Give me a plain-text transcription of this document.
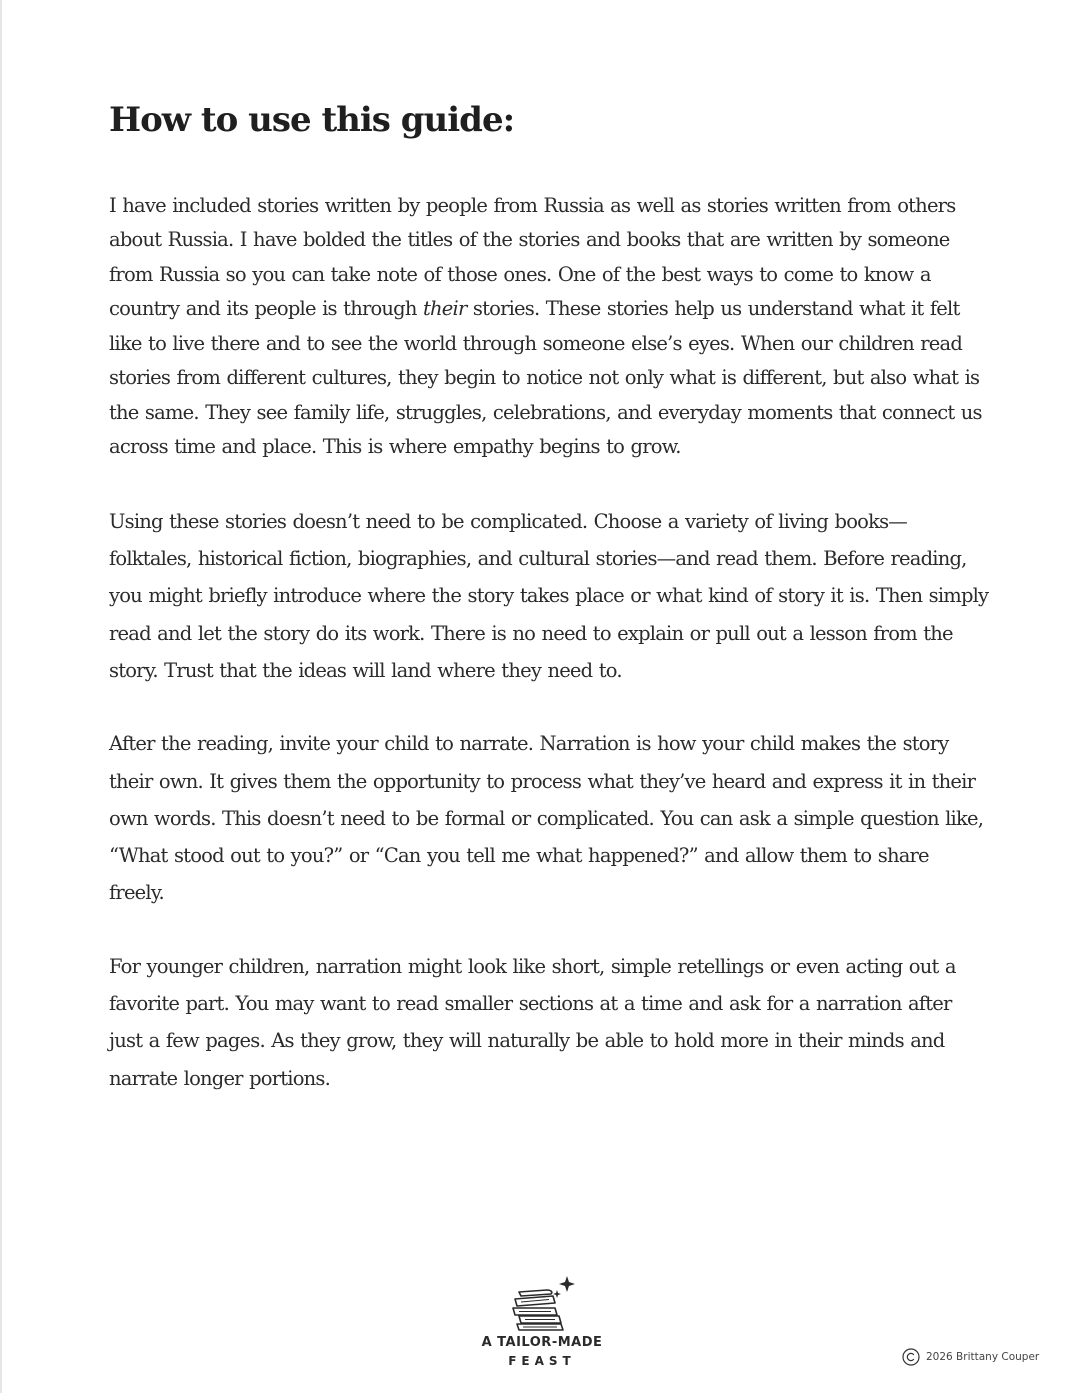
How to use this guide:

I have included stories written by people from Russia as well as stories written from others about Russia. I have bolded the titles of the stories and books that are written by someone from Russia so you can take note of those ones. One of the best ways to come to know a country and its people is through their stories. These stories help us understand what it felt like to live there and to see the world through someone else’s eyes. When our children read stories from different cultures, they begin to notice not only what is different, but also what is the same. They see family life, struggles, celebrations, and everyday moments that connect us across time and place. This is where empathy begins to grow.

Using these stories doesn’t need to be complicated. Choose a variety of living books—folktales, historical fiction, biographies, and cultural stories—and read them. Before reading, you might briefly introduce where the story takes place or what kind of story it is. Then simply read and let the story do its work. There is no need to explain or pull out a lesson from the story. Trust that the ideas will land where they need to.

After the reading, invite your child to narrate. Narration is how your child makes the story their own. It gives them the opportunity to process what they’ve heard and express it in their own words. This doesn’t need to be formal or complicated. You can ask a simple question like, “What stood out to you?” or “Can you tell me what happened?” and allow them to share freely.

For younger children, narration might look like short, simple retellings or even acting out a favorite part. You may want to read smaller sections at a time and ask for a narration after just a few pages. As they grow, they will naturally be able to hold more in their minds and narrate longer portions.

A TAILOR-MADE
FEAST	2026 Brittany Couper
